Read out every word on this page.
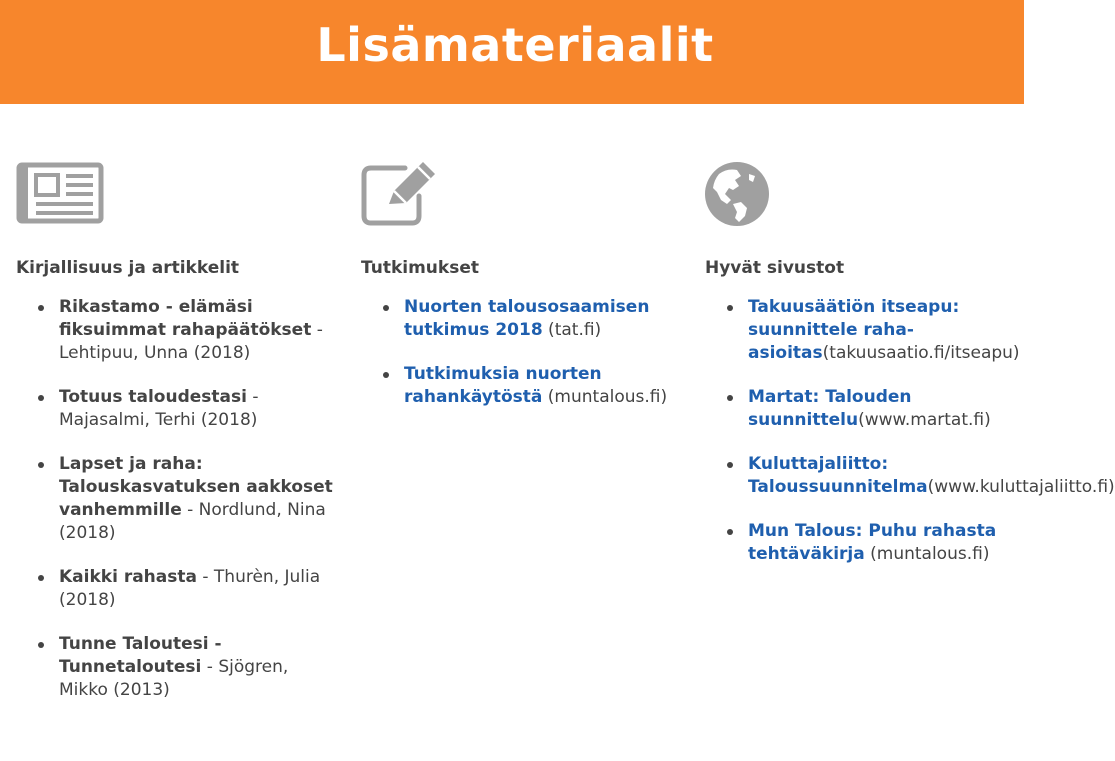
Lisämateriaalit
Kirjallisuus ja artikkelit
Rikastamo - elämäsi fiksuimmat rahapäätökset - Lehtipuu, Unna (2018)
Totuus taloudestasi - Majasalmi, Terhi (2018)
Lapset ja raha: Talouskasvatuksen aakkoset vanhemmille - Nordlund, Nina (2018)
Kaikki rahasta - Thurèn, Julia (2018)
Tunne Taloutesi - Tunnetaloutesi - Sjögren, Mikko (2013)
Tutkimukset
Nuorten talousosaamisen tutkimus 2018 (tat.fi)
Tutkimuksia nuorten rahankäytöstä (muntalous.fi)
Hyvät sivustot
Takuusäätiön itseapu: suunnittele raha-asioitas(takuusaatio.fi/itseapu)
Martat: Talouden suunnittelu(www.martat.fi)
Kuluttajaliitto: Taloussuunnitelma(www.kuluttajaliitto.fi)
Mun Talous: Puhu rahasta tehtäväkirja (muntalous.fi)
